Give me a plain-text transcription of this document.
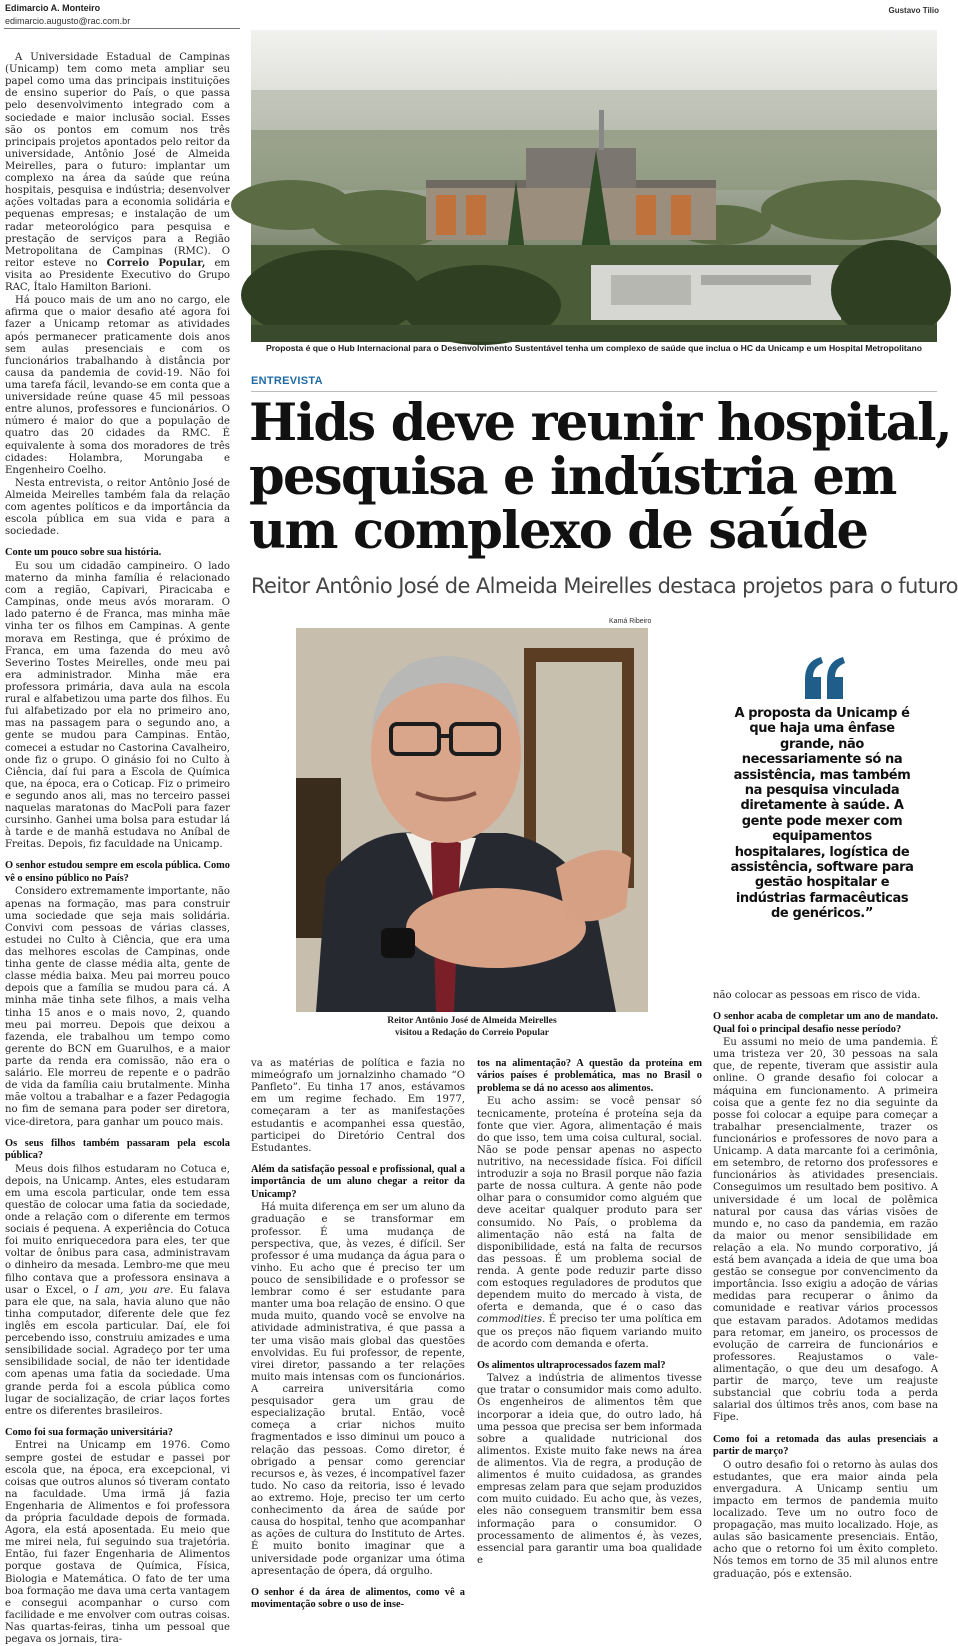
Edimarcio A. Monteiro
edimarcio.augusto@rac.com.br
Gustavo Tilio
Proposta é que o Hub Internacional para o Desenvolvimento Sustentável tenha um complexo de saúde que inclua o HC da Unicamp e um Hospital Metropolitano
ENTREVISTA
Hids deve reunir hospital,
pesquisa e indústria em
um complexo de saúde
Reitor Antônio José de Almeida Meirelles destaca projetos para o futuro
Kamá Ribeiro
Reitor Antônio José de Almeida Meirelles
visitou a Redação do Correio Popular
A proposta da Unicamp é
que haja uma ênfase
grande, não
necessariamente só na
assistência, mas também
na pesquisa vinculada
diretamente à saúde. A
gente pode mexer com
equipamentos
hospitalares, logística de
assistência, software para
gestão hospitalar e
indústrias farmacêuticas
de genéricos.”

A Universidade Estadual de Campinas (Unicamp) tem como meta ampliar seu papel como uma das principais instituições de ensino superior do País, o que passa pelo desenvolvimento integrado com a sociedade e maior inclusão social. Esses são os pontos em comum nos três principais projetos apontados pelo reitor da universidade, Antônio José de Almeida Meirelles, para o futuro: implantar um complexo na área da saúde que reúna hospitais, pesquisa e indústria; desenvolver ações voltadas para a economia solidária e pequenas empresas; e instalação de um radar meteorológico para pesquisa e prestação de serviços para a Região Metropolitana de Campinas (RMC). O reitor esteve no Correio Popular, em visita ao Presidente Executivo do Grupo RAC, Ítalo Hamilton Barioni.

Há pouco mais de um ano no cargo, ele afirma que o maior desafio até agora foi fazer a Unicamp retomar as atividades após permanecer praticamente dois anos sem aulas presenciais e com os funcionários trabalhando à distância por causa da pandemia de covid-19. Não foi uma tarefa fácil, levando-se em conta que a universidade reúne quase 45 mil pessoas entre alunos, professores e funcionários. O número é maior do que a população de quatro das 20 cidades da RMC. É equivalente à soma dos moradores de três cidades: Holambra, Morungaba e Engenheiro Coelho.

Nesta entrevista, o reitor Antônio José de Almeida Meirelles também fala da relação com agentes políticos e da importância da escola pública em sua vida e para a sociedade.

Conte um pouco sobre sua história.

Eu sou um cidadão campineiro. O lado materno da minha família é relacionado com a região, Capivari, Piracicaba e Campinas, onde meus avós moraram. O lado paterno é de Franca, mas minha mãe vinha ter os filhos em Campinas. A gente morava em Restinga, que é próximo de Franca, em uma fazenda do meu avô Severino Tostes Meirelles, onde meu pai era administrador. Minha mãe era professora primária, dava aula na escola rural e alfabetizou uma parte dos filhos. Eu fui alfabetizado por ela no primeiro ano, mas na passagem para o segundo ano, a gente se mudou para Campinas. Então, comecei a estudar no Castorina Cavalheiro, onde fiz o grupo. O ginásio foi no Culto à Ciência, daí fui para a Escola de Química que, na época, era o Coticap. Fiz o primeiro e segundo anos ali, mas no terceiro passei naquelas maratonas do MacPoli para fazer cursinho. Ganhei uma bolsa para estudar lá à tarde e de manhã estudava no Aníbal de Freitas. Depois, fiz faculdade na Unicamp.

O senhor estudou sempre em escola pública. Como vê o ensino público no País?

Considero extremamente importante, não apenas na formação, mas para construir uma sociedade que seja mais solidária. Convivi com pessoas de várias classes, estudei no Culto à Ciência, que era uma das melhores escolas de Campinas, onde tinha gente de classe média alta, gente de classe média baixa. Meu pai morreu pouco depois que a família se mudou para cá. A minha mãe tinha sete filhos, a mais velha tinha 15 anos e o mais novo, 2, quando meu pai morreu. Depois que deixou a fazenda, ele trabalhou um tempo como gerente do BCN em Guarulhos, e a maior parte da renda era comissão, não era o salário. Ele morreu de repente e o padrão de vida da família caiu brutalmente. Minha mãe voltou a trabalhar e a fazer Pedagogia no fim de semana para poder ser diretora, vice-diretora, para ganhar um pouco mais.

Os seus filhos também passaram pela escola pública?

Meus dois filhos estudaram no Cotuca e, depois, na Unicamp. Antes, eles estudaram em uma escola particular, onde tem essa questão de colocar uma fatia da sociedade, onde a relação com o diferente em termos sociais é pequena. A experiência do Cotuca foi muito enriquecedora para eles, ter que voltar de ônibus para casa, administravam o dinheiro da mesada. Lembro-me que meu filho contava que a professora ensinava a usar o Excel, o I am, you are. Eu falava para ele que, na sala, havia aluno que não tinha computador, diferente dele que fez inglês em escola particular. Daí, ele foi percebendo isso, construiu amizades e uma sensibilidade social. Agradeço por ter uma sensibilidade social, de não ter identidade com apenas uma fatia da sociedade. Uma grande perda foi a escola pública como lugar de socialização, de criar laços fortes entre os diferentes brasileiros.

Como foi sua formação universitária?

Entrei na Unicamp em 1976. Como sempre gostei de estudar e passei por escola que, na época, era excepcional, vi coisas que outros alunos só tiveram contato na faculdade. Uma irmã já fazia Engenharia de Alimentos e foi professora da própria faculdade depois de formada. Agora, ela está aposentada. Eu meio que me mirei nela, fui seguindo sua trajetória. Então, fui fazer Engenharia de Alimentos porque gostava de Química, Física, Biologia e Matemática. O fato de ter uma boa formação me dava uma certa vantagem e consegui acompanhar o curso com facilidade e me envolver com outras coisas. Nas quartas-feiras, tinha um pessoal que pegava os jornais, tira-

va as matérias de política e fazia no mimeógrafo um jornalzinho chamado “O Panfleto”. Eu tinha 17 anos, estávamos em um regime fechado. Em 1977, começaram a ter as manifestações estudantis e acompanhei essa questão, participei do Diretório Central dos Estudantes.

Além da satisfação pessoal e profissional, qual a importância de um aluno chegar a reitor da Unicamp?

Há muita diferença em ser um aluno da graduação e se transformar em professor. É uma mudança de perspectiva, que, às vezes, é difícil. Ser professor é uma mudança da água para o vinho. Eu acho que é preciso ter um pouco de sensibilidade e o professor se lembrar como é ser estudante para manter uma boa relação de ensino. O que muda muito, quando você se envolve na atividade administrativa, é que passa a ter uma visão mais global das questões envolvidas. Eu fui professor, de repente, virei diretor, passando a ter relações muito mais intensas com os funcionários. A carreira universitária como pesquisador gera um grau de especialização brutal. Então, você começa a criar nichos muito fragmentados e isso diminui um pouco a relação das pessoas. Como diretor, é obrigado a pensar como gerenciar recursos e, às vezes, é incompatível fazer tudo. No caso da reitoria, isso é levado ao extremo. Hoje, preciso ter um certo conhecimento da área de saúde por causa do hospital, tenho que acompanhar as ações de cultura do Instituto de Artes. É muito bonito imaginar que a universidade pode organizar uma ótima apresentação de ópera, dá orgulho.

O senhor é da área de alimentos, como vê a movimentação sobre o uso de inse-

tos na alimentação? A questão da proteína em vários países é problemática, mas no Brasil o problema se dá no acesso aos alimentos.

Eu acho assim: se você pensar só tecnicamente, proteína é proteína seja da fonte que vier. Agora, alimentação é mais do que isso, tem uma coisa cultural, social. Não se pode pensar apenas no aspecto nutritivo, na necessidade física. Foi difícil introduzir a soja no Brasil porque não fazia parte de nossa cultura. A gente não pode olhar para o consumidor como alguém que deve aceitar qualquer produto para ser consumido. No País, o problema da alimentação não está na falta de disponibilidade, está na falta de recursos das pessoas. É um problema social de renda. A gente pode reduzir parte disso com estoques reguladores de produtos que dependem muito do mercado à vista, de oferta e demanda, que é o caso das commodities. É preciso ter uma política em que os preços não fiquem variando muito de acordo com demanda e oferta.

Os alimentos ultraprocessados fazem mal?

Talvez a indústria de alimentos tivesse que tratar o consumidor mais como adulto. Os engenheiros de alimentos têm que incorporar a ideia que, do outro lado, há uma pessoa que precisa ser bem informada sobre a qualidade nutricional dos alimentos. Existe muito fake news na área de alimentos. Via de regra, a produção de alimentos é muito cuidadosa, as grandes empresas zelam para que sejam produzidos com muito cuidado. Eu acho que, às vezes, eles não conseguem transmitir bem essa informação para o consumidor. O processamento de alimentos é, às vezes, essencial para garantir uma boa qualidade e

não colocar as pessoas em risco de vida.

O senhor acaba de completar um ano de mandato. Qual foi o principal desafio nesse período?

Eu assumi no meio de uma pandemia. É uma tristeza ver 20, 30 pessoas na sala que, de repente, tiveram que assistir aula online. O grande desafio foi colocar a máquina em funcionamento. A primeira coisa que a gente fez no dia seguinte da posse foi colocar a equipe para começar a trabalhar presencialmente, trazer os funcionários e professores de novo para a Unicamp. A data marcante foi a cerimônia, em setembro, de retorno dos professores e funcionários às atividades presenciais. Conseguimos um resultado bem positivo. A universidade é um local de polêmica natural por causa das várias visões de mundo e, no caso da pandemia, em razão da maior ou menor sensibilidade em relação a ela. No mundo corporativo, já está bem avançada a ideia de que uma boa gestão se consegue por convencimento da importância. Isso exigiu a adoção de várias medidas para recuperar o ânimo da comunidade e reativar vários processos que estavam parados. Adotamos medidas para retomar, em janeiro, os processos de evolução de carreira de funcionários e professores. Reajustamos o vale-alimentação, o que deu um desafogo. A partir de março, teve um reajuste substancial que cobriu toda a perda salarial dos últimos três anos, com base na Fipe.

Como foi a retomada das aulas presenciais a partir de março?

O outro desafio foi o retorno às aulas dos estudantes, que era maior ainda pela envergadura. A Unicamp sentiu um impacto em termos de pandemia muito localizado. Teve um no outro foco de propagação, mas muito localizado. Hoje, as aulas são basicamente presenciais. Então, acho que o retorno foi um êxito completo. Nós temos em torno de 35 mil alunos entre graduação, pós e extensão.
